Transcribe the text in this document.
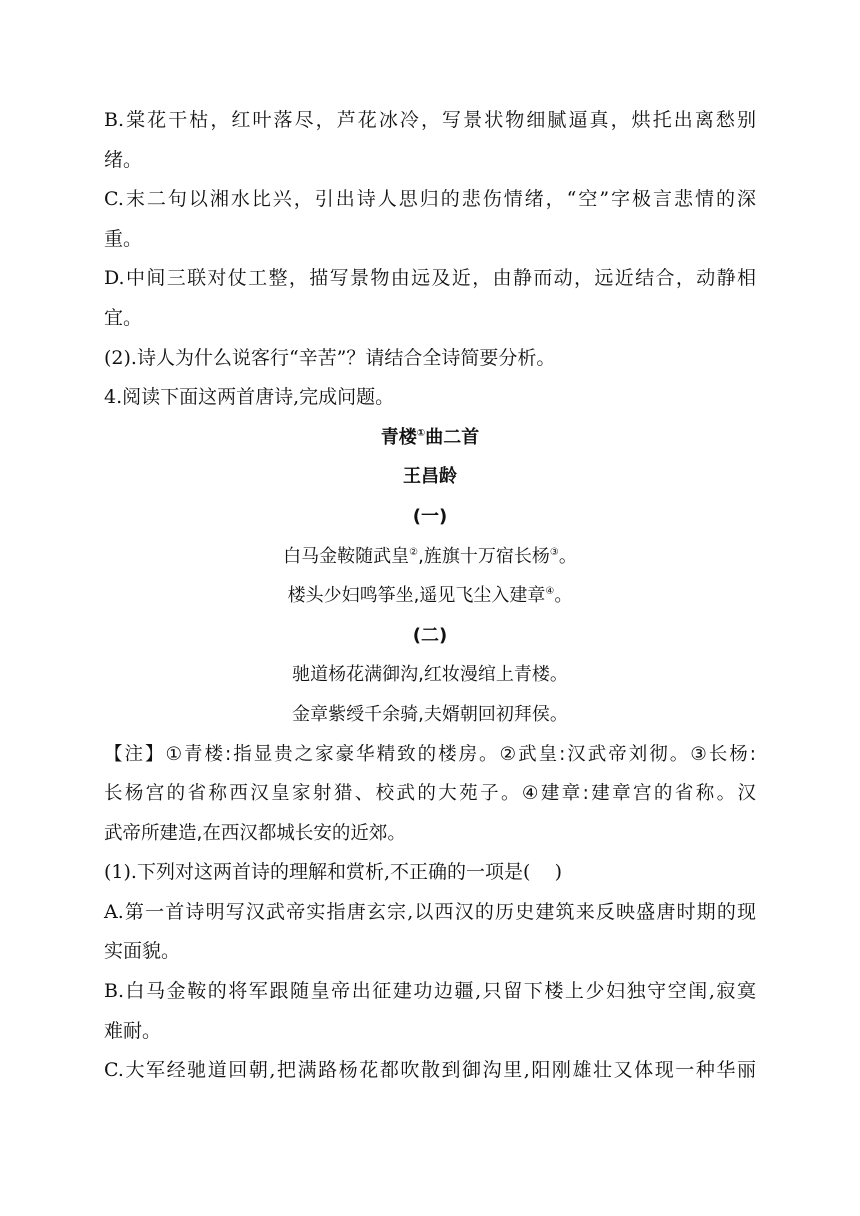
B.棠花干枯，红叶落尽，芦花冰冷，写景状物细腻逼真，烘托出离愁别
绪。
C.末二句以湘水比兴，引出诗人思归的悲伤情绪，“空”字极言悲情的深
重。
D.中间三联对仗工整，描写景物由远及近，由静而动，远近结合，动静相
宜。
(2).诗人为什么说客行“辛苦”？请结合全诗简要分析。
4.阅读下面这两首唐诗,完成问题。
青楼①曲二首
王昌龄
(一)
白马金鞍随武皇②,旌旗十万宿长杨③。
楼头少妇鸣筝坐,遥见飞尘入建章④。
(二)
驰道杨花满御沟,红妆漫绾上青楼。
金章紫绶千余骑,夫婿朝回初拜侯。
【注】①青楼:指显贵之家豪华精致的楼房。②武皇:汉武帝刘彻。③长杨:
长杨宫的省称西汉皇家射猎、校武的大苑子。④建章:建章宫的省称。汉
武帝所建造,在西汉都城长安的近郊。
(1).下列对这两首诗的理解和赏析,不正确的一项是(    )
A.第一首诗明写汉武帝实指唐玄宗,以西汉的历史建筑来反映盛唐时期的现
实面貌。
B.白马金鞍的将军跟随皇帝出征建功边疆,只留下楼上少妇独守空闺,寂寞
难耐。
C.大军经驰道回朝,把满路杨花都吹散到御沟里,阳刚雄壮又体现一种华丽
